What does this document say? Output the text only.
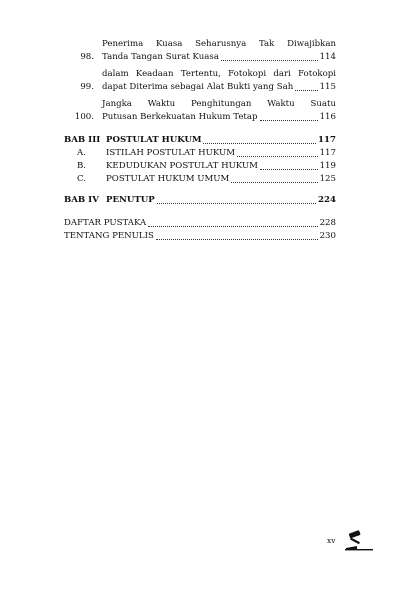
98.
Penerima Kuasa Seharusnya Tak Diwajibkan
Tanda Tangan Surat Kuasa	114
99.
dalam Keadaan Tertentu, Fotokopi dari Fotokopi
dapat Diterima sebagai Alat Bukti yang Sah	115
100.
Jangka Waktu Penghitungan Waktu Suatu
Putusan Berkekuatan Hukum Tetap	116
BAB III POSTULAT HUKUM	117
A.	ISTILAH POSTULAT HUKUM	117
B.	KEDUDUKAN POSTULAT HUKUM	119
C.	POSTULAT HUKUM UMUM	125
BAB IV PENUTUP	224
DAFTAR PUSTAKA	228
TENTANG PENULIS	230
xv
